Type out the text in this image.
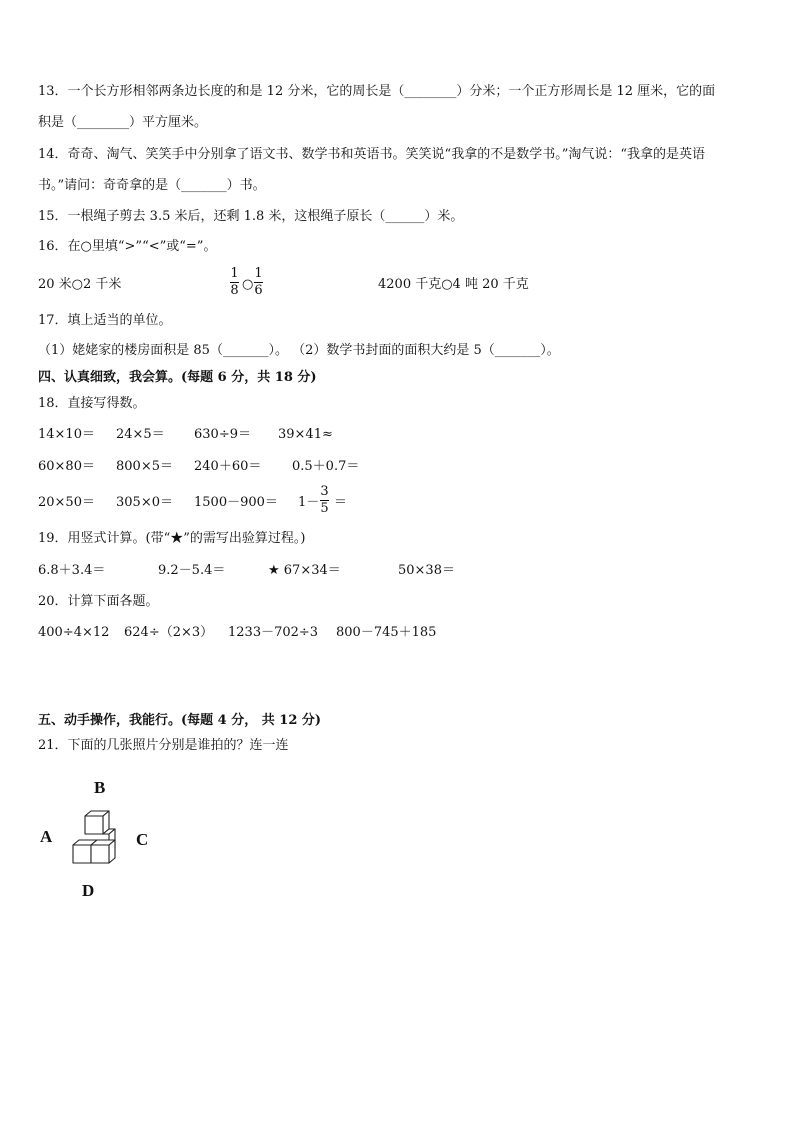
13．一个长方形相邻两条边长度的和是 12 分米，它的周长是（________）分米；一个正方形周长是 12 厘米，它的面
积是（________）平方厘米。
14．奇奇、淘气、笑笑手中分别拿了语文书、数学书和英语书。笑笑说“我拿的不是数学书。”淘气说：“我拿的是英语
书。”请问：奇奇拿的是（_______）书。
15．一根绳子剪去 3.5 米后，还剩 1.8 米，这根绳子原长（______）米。
16．在○里填“>”“<”或“=”。
20 米○2 千米
1
8 ○
1
6	4200 千克○4 吨 20 千克
17．填上适当的单位。
（1）姥姥家的楼房面积是 85（_______）。 （2）数学书封面的面积大约是 5（_______）。
四、认真细致，我会算。(每题 6 分，共 18 分)
18．直接写得数。
14×10＝ 24×5＝ 630÷9＝ 39×41≈
60×80＝ 800×5＝ 240＋60＝ 0.5＋0.7＝
20×50＝ 305×0＝ 1500－900＝ 1－
3
5 ＝
19．用竖式计算。(带“★”的需写出验算过程。)
6.8＋3.4＝	9.2－5.4＝	★ 67×34＝	50×38＝
20．计算下面各题。
400÷4×12 624÷（2×3） 1233－702÷3 800－745＋185
五、动手操作，我能行。(每题 4 分， 共 12 分)
21．下面的几张照片分别是谁拍的？连一连
B
A	C
D
